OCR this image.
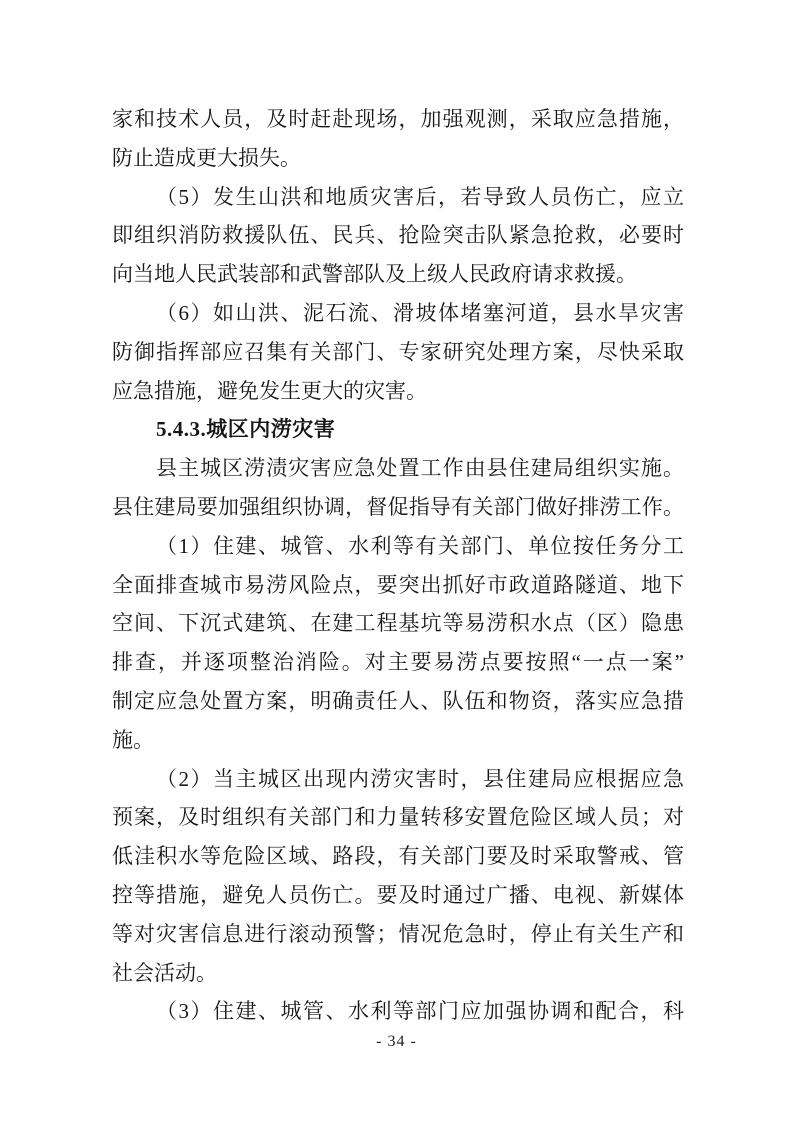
家和技术人员，及时赶赴现场，加强观测，采取应急措施，
防止造成更大损失。
（5）发生山洪和地质灾害后，若导致人员伤亡，应立
即组织消防救援队伍、民兵、抢险突击队紧急抢救，必要时
向当地人民武装部和武警部队及上级人民政府请求救援。
（6）如山洪、泥石流、滑坡体堵塞河道，县水旱灾害
防御指挥部应召集有关部门、专家研究处理方案，尽快采取
应急措施，避免发生更大的灾害。
5.4.3.城区内涝灾害
县主城区涝渍灾害应急处置工作由县住建局组织实施。
县住建局要加强组织协调，督促指导有关部门做好排涝工作。
（1）住建、城管、水利等有关部门、单位按任务分工
全面排查城市易涝风险点，要突出抓好市政道路隧道、地下
空间、下沉式建筑、在建工程基坑等易涝积水点（区）隐患
排查，并逐项整治消险。对主要易涝点要按照“一点一案”
制定应急处置方案，明确责任人、队伍和物资，落实应急措
施。
（2）当主城区出现内涝灾害时，县住建局应根据应急
预案，及时组织有关部门和力量转移安置危险区域人员；对
低洼积水等危险区域、路段，有关部门要及时采取警戒、管
控等措施，避免人员伤亡。要及时通过广播、电视、新媒体
等对灾害信息进行滚动预警；情况危急时，停止有关生产和
社会活动。
（3）住建、城管、水利等部门应加强协调和配合，科
- 34 -
